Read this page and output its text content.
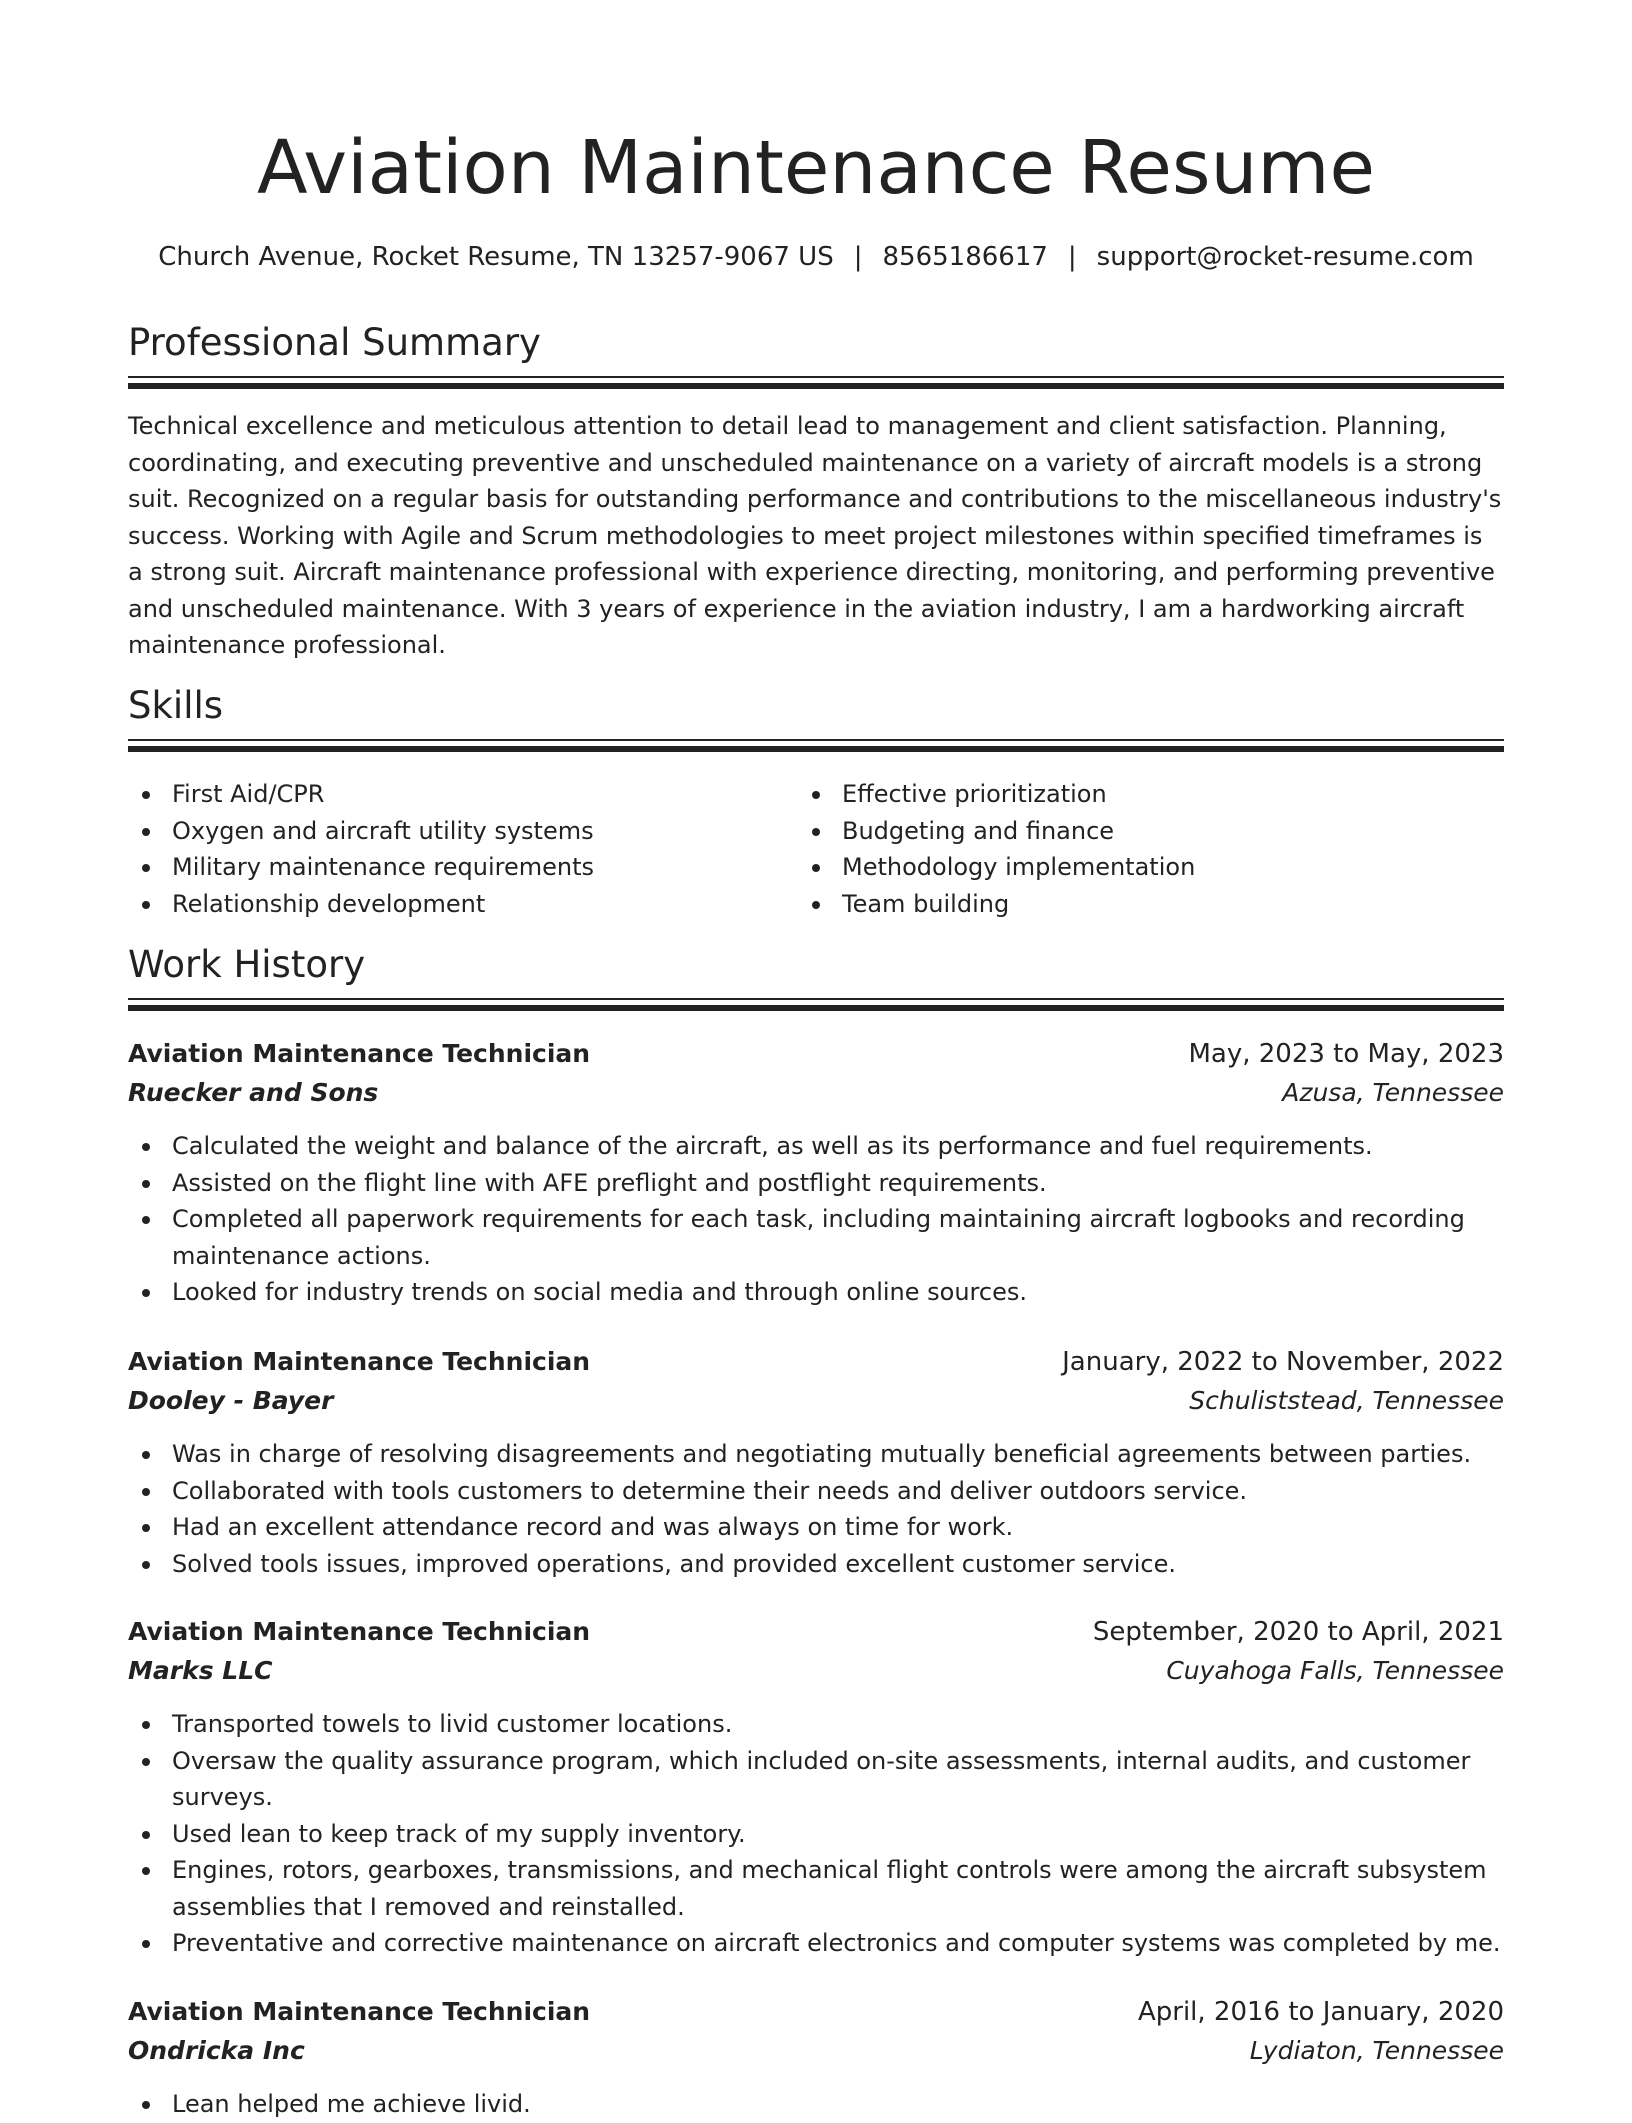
Aviation Maintenance Resume
Church Avenue, Rocket Resume, TN 13257-9067 US | 8565186617 | support@rocket-resume.com
Professional Summary

Technical excellence and meticulous attention to detail lead to management and client satisfaction. Planning, coordinating, and executing preventive and unscheduled maintenance on a variety of aircraft models is a strong suit. Recognized on a regular basis for outstanding performance and contributions to the miscellaneous industry's success. Working with Agile and Scrum methodologies to meet project milestones within specified timeframes is a strong suit. Aircraft maintenance professional with experience directing, monitoring, and performing preventive and unscheduled maintenance. With 3 years of experience in the aviation industry, I am a hardworking aircraft maintenance professional.

Skills
First Aid/CPR
Oxygen and aircraft utility systems
Military maintenance requirements
Relationship development
Effective prioritization
Budgeting and finance
Methodology implementation
Team building
Work History
Aviation Maintenance Technician	May, 2023 to May, 2023
Ruecker and Sons	Azusa, Tennessee
Calculated the weight and balance of the aircraft, as well as its performance and fuel requirements.
Assisted on the flight line with AFE preflight and postflight requirements.
Completed all paperwork requirements for each task, including maintaining aircraft logbooks and recording maintenance actions.
Looked for industry trends on social media and through online sources.
Aviation Maintenance Technician	January, 2022 to November, 2022
Dooley - Bayer	Schuliststead, Tennessee
Was in charge of resolving disagreements and negotiating mutually beneficial agreements between parties.
Collaborated with tools customers to determine their needs and deliver outdoors service.
Had an excellent attendance record and was always on time for work.
Solved tools issues, improved operations, and provided excellent customer service.
Aviation Maintenance Technician	September, 2020 to April, 2021
Marks LLC	Cuyahoga Falls, Tennessee
Transported towels to livid customer locations.
Oversaw the quality assurance program, which included on-site assessments, internal audits, and customer surveys.
Used lean to keep track of my supply inventory.
Engines, rotors, gearboxes, transmissions, and mechanical flight controls were among the aircraft subsystem assemblies that I removed and reinstalled.
Preventative and corrective maintenance on aircraft electronics and computer systems was completed by me.
Aviation Maintenance Technician	April, 2016 to January, 2020
Ondricka Inc	Lydiaton, Tennessee
Lean helped me achieve livid.
